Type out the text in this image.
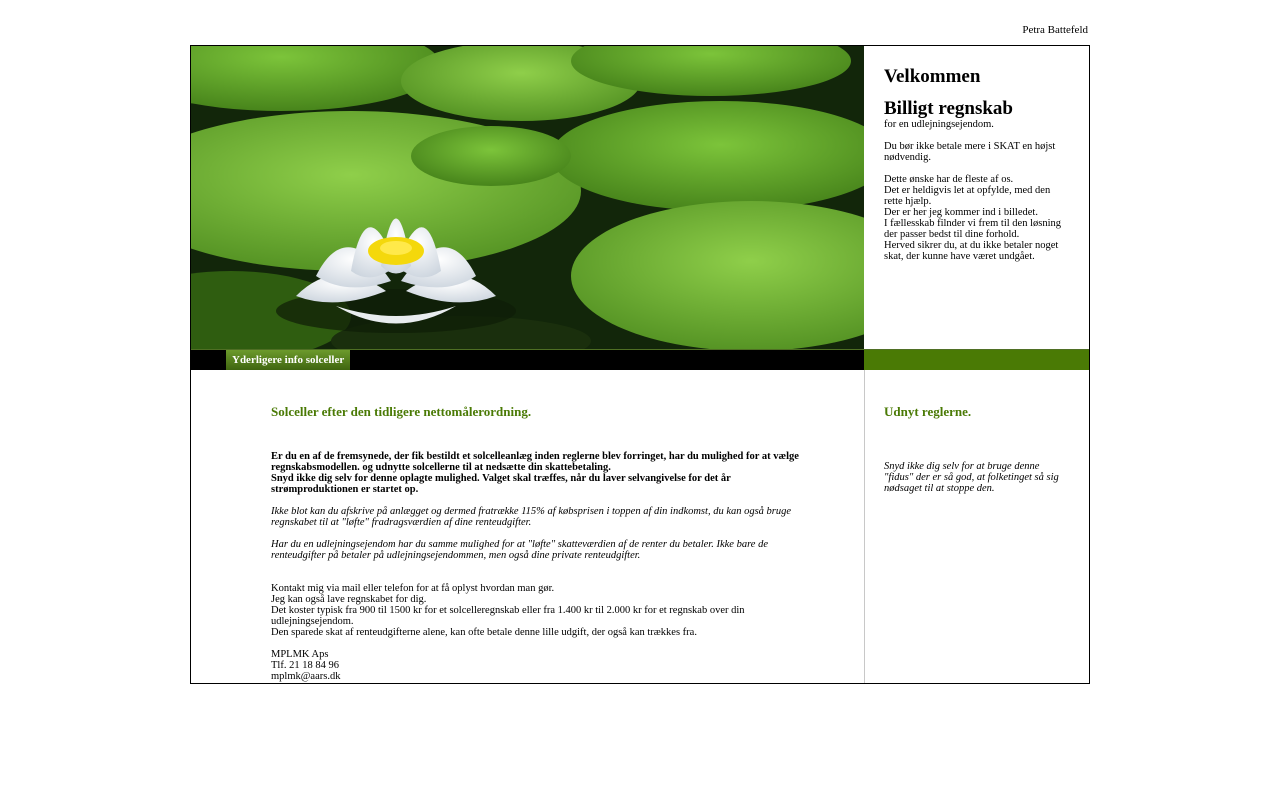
Petra Battefeld
Velkommen
Billigt regnskab

for en udlejningsejendom.

Du bør ikke betale mere i SKAT en højst nødvendig.

Dette ønske har de fleste af os.

Det er heldigvis let at opfylde, med den rette hjælp.

Der er her jeg kommer ind i billedet.

I fællesskab filnder vi frem til den løsning der passer bedst til dine forhold.

Herved sikrer du, at du ikke betaler noget skat, der kunne have været undgået.

Yderligere info solceller
Solceller efter den tidligere nettomålerordning.

Er du en af de fremsynede, der fik bestildt et solcelleanlæg inden reglerne blev forringet, har du mulighed for at vælge regnskabsmodellen. og udnytte solcellerne til at nedsætte din skattebetaling.

Snyd ikke dig selv for denne oplagte mulighed. Valget skal træffes, når du laver selvangivelse for det år strømproduktionen er startet op.

Ikke blot kan du afskrive på anlægget og dermed fratrække 115% af købsprisen i toppen af din indkomst, du kan også bruge regnskabet til at "løfte" fradragsværdien af dine renteudgifter.

Har du en udlejningsejendom har du samme mulighed for at "løfte" skatteværdien af de renter du betaler. Ikke bare de renteudgifter på betaler på udlejningsejendommen, men også dine private renteudgifter.

Kontakt mig via mail eller telefon for at få oplyst hvordan man gør.

Jeg kan også lave regnskabet for dig.

Det koster typisk fra 900 til 1500 kr for et solcelleregnskab eller fra 1.400 kr til 2.000 kr for et regnskab over din udlejningsejendom.

Den sparede skat af renteudgifterne alene, kan ofte betale denne lille udgift, der også kan trækkes fra.

MPLMK Aps

Tlf. 21 18 84 96

mplmk@aars.dk

Udnyt reglerne.

Snyd ikke dig selv for at bruge denne "fidus" der er så god, at folketinget så sig nødsaget til at stoppe den.
